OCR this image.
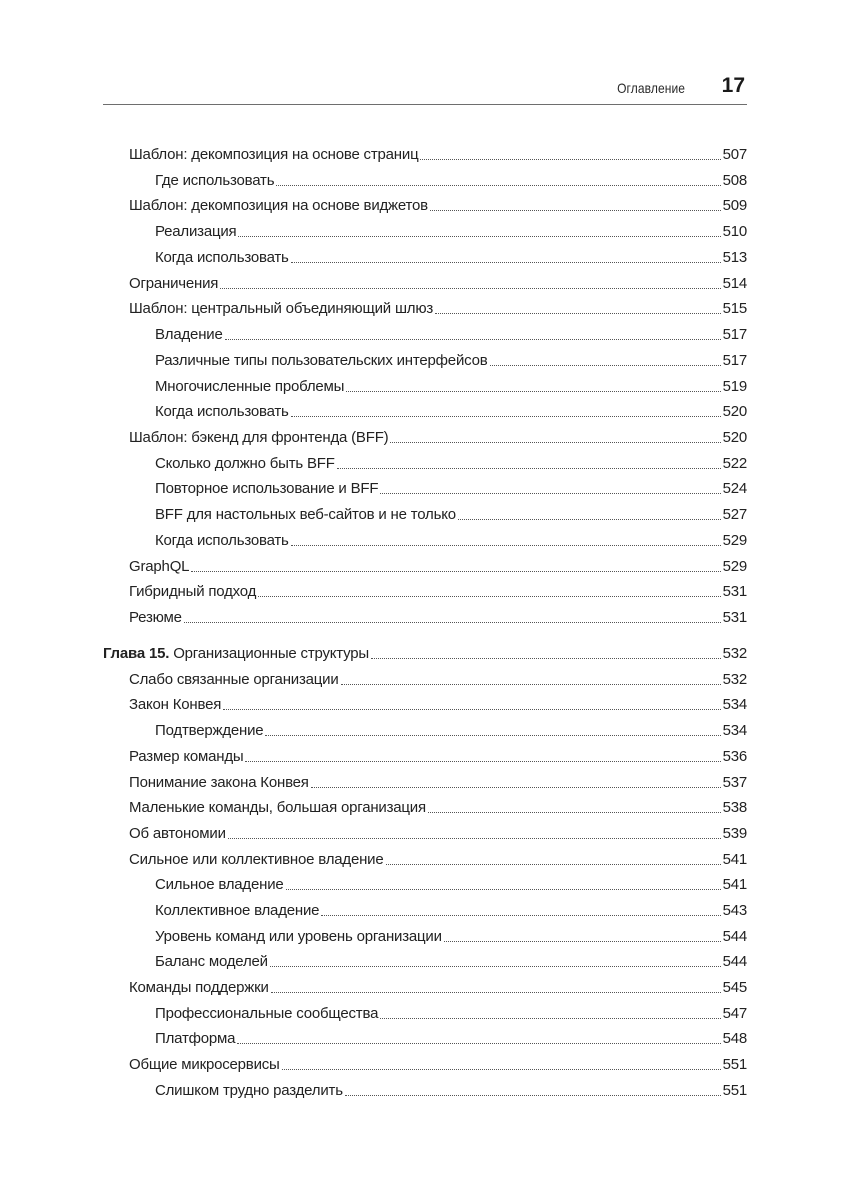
Оглавление 17
Шаблон: декомпозиция на основе страниц	507
Где использовать	508
Шаблон: декомпозиция на основе виджетов	509
Реализация	510
Когда использовать	513
Ограничения	514
Шаблон: центральный объединяющий шлюз	515
Владение	517
Различные типы пользовательских интерфейсов	517
Многочисленные проблемы	519
Когда использовать	520
Шаблон: бэкенд для фронтенда (BFF)	520
Сколько должно быть BFF	522
Повторное использование и BFF	524
BFF для настольных веб-сайтов и не только	527
Когда использовать	529
GraphQL	529
Гибридный подход	531
Резюме	531
Глава 15. Организационные структуры	532
Слабо связанные организации	532
Закон Конвея	534
Подтверждение	534
Размер команды	536
Понимание закона Конвея	537
Маленькие команды, большая организация	538
Об автономии	539
Сильное или коллективное владение	541
Сильное владение	541
Коллективное владение	543
Уровень команд или уровень организации	544
Баланс моделей	544
Команды поддержки	545
Профессиональные сообщества	547
Платформа	548
Общие микросервисы	551
Слишком трудно разделить	551
